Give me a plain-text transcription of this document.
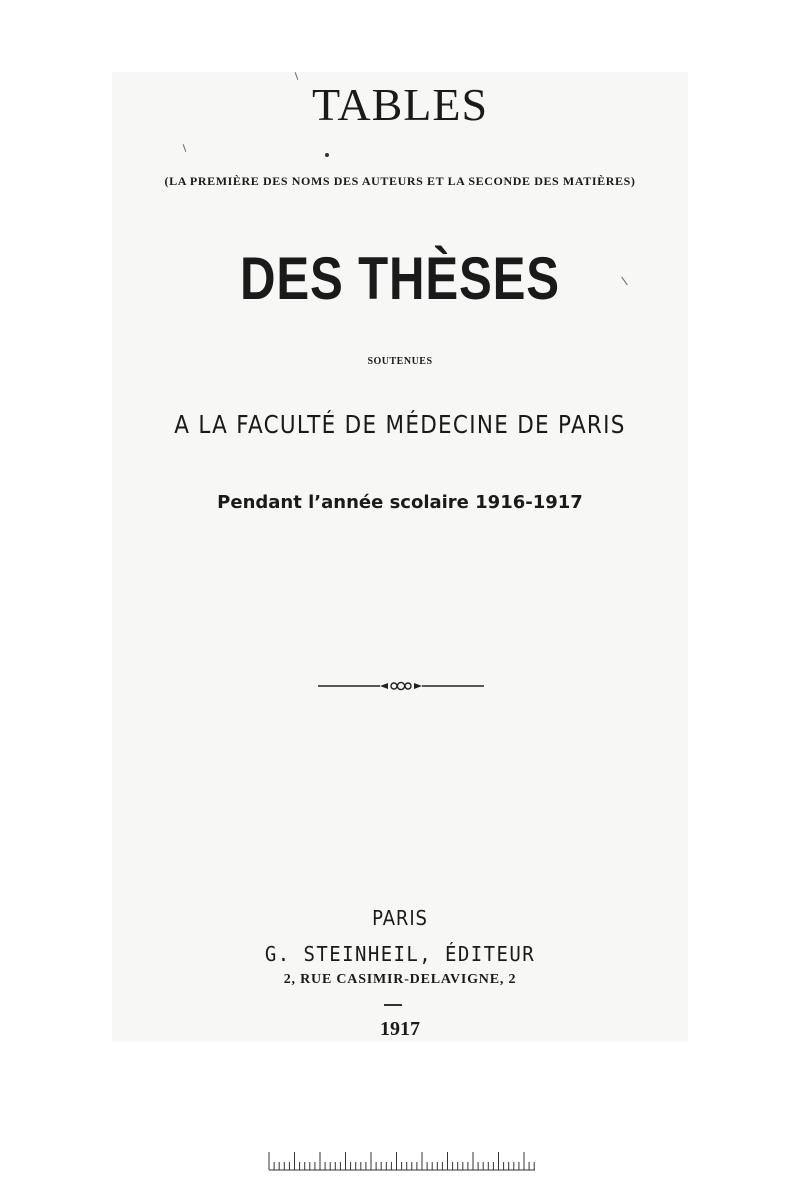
TABLES
(LA PREMIÈRE DES NOMS DES AUTEURS ET LA SECONDE DES MATIÈRES)
DES THÈSES
SOUTENUES
A LA FACULTÉ DE MÉDECINE DE PARIS
Pendant l’année scolaire 1916-1917
PARIS
G. STEINHEIL, ÉDITEUR
2, RUE CASIMIR-DELAVIGNE, 2
1917
